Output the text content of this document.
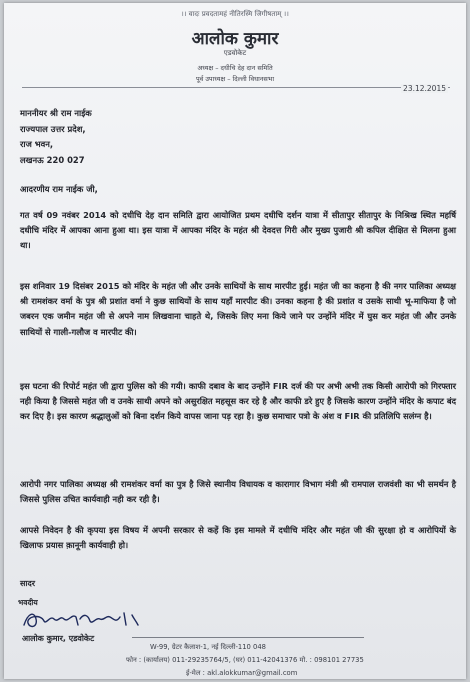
।। वादः प्रवदतामहं नीतिरस्मि जिगीषताम् ।।
आलोक कुमार
एडवोकेट
अध्यक्ष – दधीचि देह दान समिति
पूर्व उपाध्यक्ष – दिल्ली विधानसभा
23.12.2015
माननीयर श्री राम नाईक
राज्यपाल उत्तर प्रदेश,
राज भवन,
लखनऊ 220 027
आदरणीय राम नाईक जी,
गत वर्ष 09 नवंबर 2014 को दधीचि देह दान समिति द्वारा आयोजित प्रथम दधीचि दर्शन यात्रा में सीतापुर सीतापुर के निश्रिख स्थित महर्षि दधीचि मंदिर में आपका आना हुआ था। इस यात्रा में आपका मंदिर के महंत श्री देवदत्त गिरी और मुख्य पुजारी श्री कपिल दीक्षित से मिलना हुआ था।
इस शनिवार 19 दिसंबर 2015 को मंदिर के महंत जी और उनके साथियों के साथ मारपीट हुई। महंत जी का कहना है की नगर पालिका अध्यक्ष श्री रामशंकर वर्मा के पुत्र श्री प्रशांत वर्मा ने कुछ साथियों के साथ यहाँ मारपीट की। उनका कहना है की प्रशांत व उसके साथी भू-माफिया है जो जबरन एक जमीन महंत जी से अपने नाम लिखवाना चाहते थे, जिसके लिए मना किये जाने पर उन्होंने मंदिर में घुस कर महंत जी और उनके साथियों से गाली-गलौज व मारपीट की।
इस घटना की रिपोर्ट महंत जी द्वारा पुलिस को की गयी। काफी दबाव के बाद उन्होंने FIR दर्ज की पर अभी अभी तक किसी आरोपी को गिरफ्तार नही किया है जिससे महंत जी व उनके साथी अपने को असुरक्षित महसूस कर रहे है और काफी डरे हुए है जिसके कारण उन्होंने मंदिर के कपाट बंद कर दिए है। इस कारण श्रद्धालुओं को बिना दर्शन किये वापस जाना पड़ रहा है। कुछ समाचार पत्रो के अंश व FIR की प्रतिलिपि सलंग्न है।
आरोपी नगर पालिका अध्यक्ष श्री रामशंकर वर्मा का पुत्र है जिसे स्थानीय विधायक व कारागार विभाग मंत्री श्री रामपाल राजवंशी का भी समर्थन है जिससे पुलिस उचित कार्यवाही नही कर रही है।
आपसे निवेदन है की कृपया इस विषय में अपनी सरकार से कहें कि इस मामले में दधीचि मंदिर और महंत जी की सुरक्षा हो व आरोपियों के खिलाफ प्रयास क़ानूनी कार्यवाही हो।
सादर
भवदीय
आलोक कुमार, एडवोकेट
W-99, ग्रेटर कैलाश-1, नई दिल्ली-110 048
फोन : (कार्यालय) 011-29235764/5, (घर) 011-42041376 मो. : 098101 27735
ई-मेल : akl.alokkumar@gmail.com
